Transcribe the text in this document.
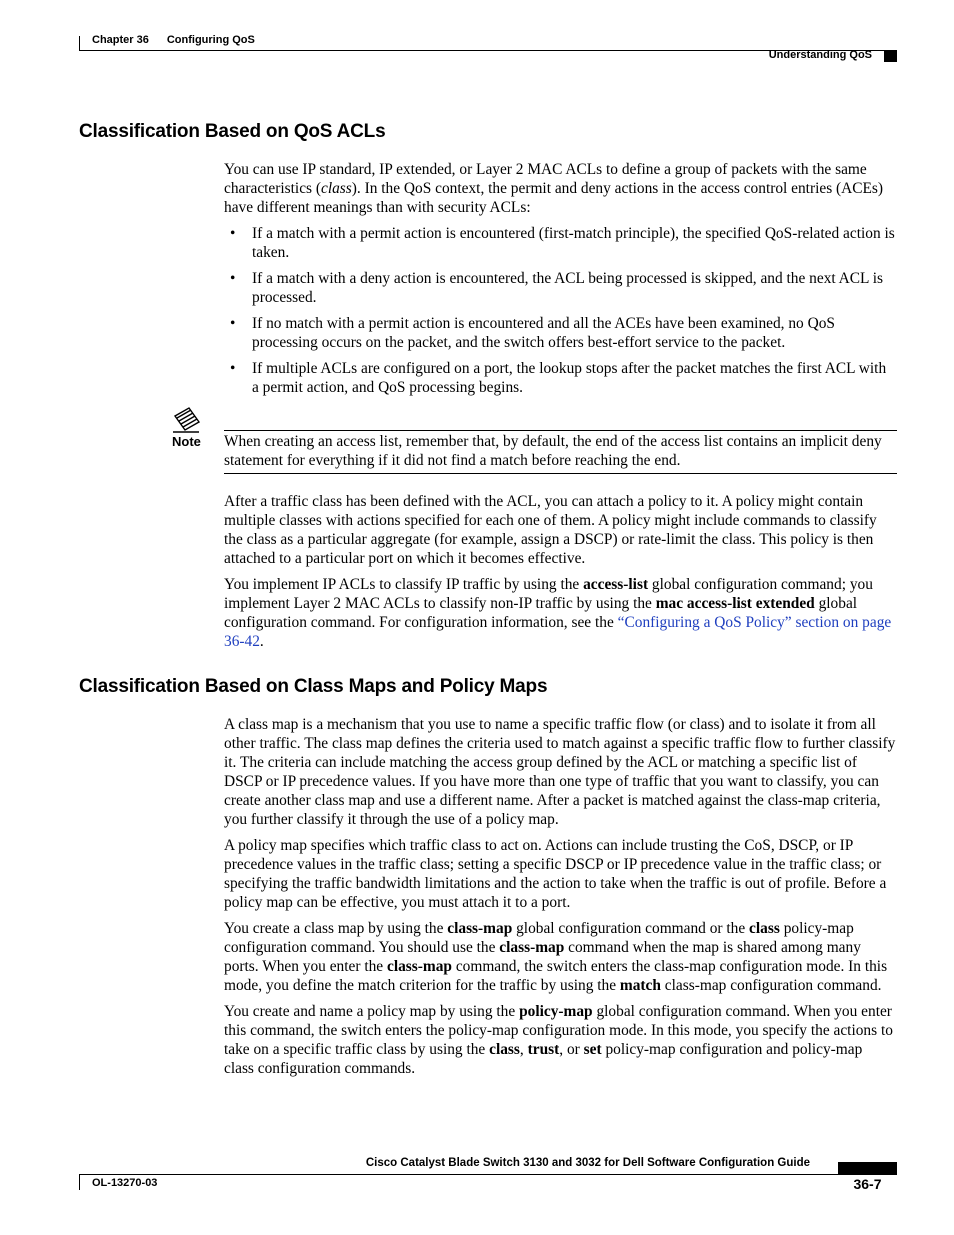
Chapter 36 Configuring QoS
Understanding QoS
Classification Based on QoS ACLs

You can use IP standard, IP extended, or Layer 2 MAC ACLs to define a group of packets with the same characteristics (class). In the QoS context, the permit and deny actions in the access control entries (ACEs) have different meanings than with security ACLs:

• If a match with a permit action is encountered (first-match principle), the specified QoS-related action is taken.
• If a match with a deny action is encountered, the ACL being processed is skipped, and the next ACL is processed.
• If no match with a permit action is encountered and all the ACEs have been examined, no QoS processing occurs on the packet, and the switch offers best-effort service to the packet.
• If multiple ACLs are configured on a port, the lookup stops after the packet matches the first ACL with a permit action, and QoS processing begins.
Note When creating an access list, remember that, by default, the end of the access list contains an implicit deny statement for everything if it did not find a match before reaching the end.

After a traffic class has been defined with the ACL, you can attach a policy to it. A policy might contain multiple classes with actions specified for each one of them. A policy might include commands to classify the class as a particular aggregate (for example, assign a DSCP) or rate-limit the class. This policy is then attached to a particular port on which it becomes effective.

You implement IP ACLs to classify IP traffic by using the access-list global configuration command; you implement Layer 2 MAC ACLs to classify non-IP traffic by using the mac access-list extended global configuration command. For configuration information, see the “Configuring a QoS Policy” section on page 36-42.

Classification Based on Class Maps and Policy Maps

A class map is a mechanism that you use to name a specific traffic flow (or class) and to isolate it from all other traffic. The class map defines the criteria used to match against a specific traffic flow to further classify it. The criteria can include matching the access group defined by the ACL or matching a specific list of DSCP or IP precedence values. If you have more than one type of traffic that you want to classify, you can create another class map and use a different name. After a packet is matched against the class-map criteria, you further classify it through the use of a policy map.

A policy map specifies which traffic class to act on. Actions can include trusting the CoS, DSCP, or IP precedence values in the traffic class; setting a specific DSCP or IP precedence value in the traffic class; or specifying the traffic bandwidth limitations and the action to take when the traffic is out of profile. Before a policy map can be effective, you must attach it to a port.

You create a class map by using the class-map global configuration command or the class policy-map configuration command. You should use the class-map command when the map is shared among many ports. When you enter the class-map command, the switch enters the class-map configuration mode. In this mode, you define the match criterion for the traffic by using the match class-map configuration command.

You create and name a policy map by using the policy-map global configuration command. When you enter this command, the switch enters the policy-map configuration mode. In this mode, you specify the actions to take on a specific traffic class by using the class, trust, or set policy-map configuration and policy-map class configuration commands.

Cisco Catalyst Blade Switch 3130 and 3032 for Dell Software Configuration Guide
OL-13270-03	36-7
